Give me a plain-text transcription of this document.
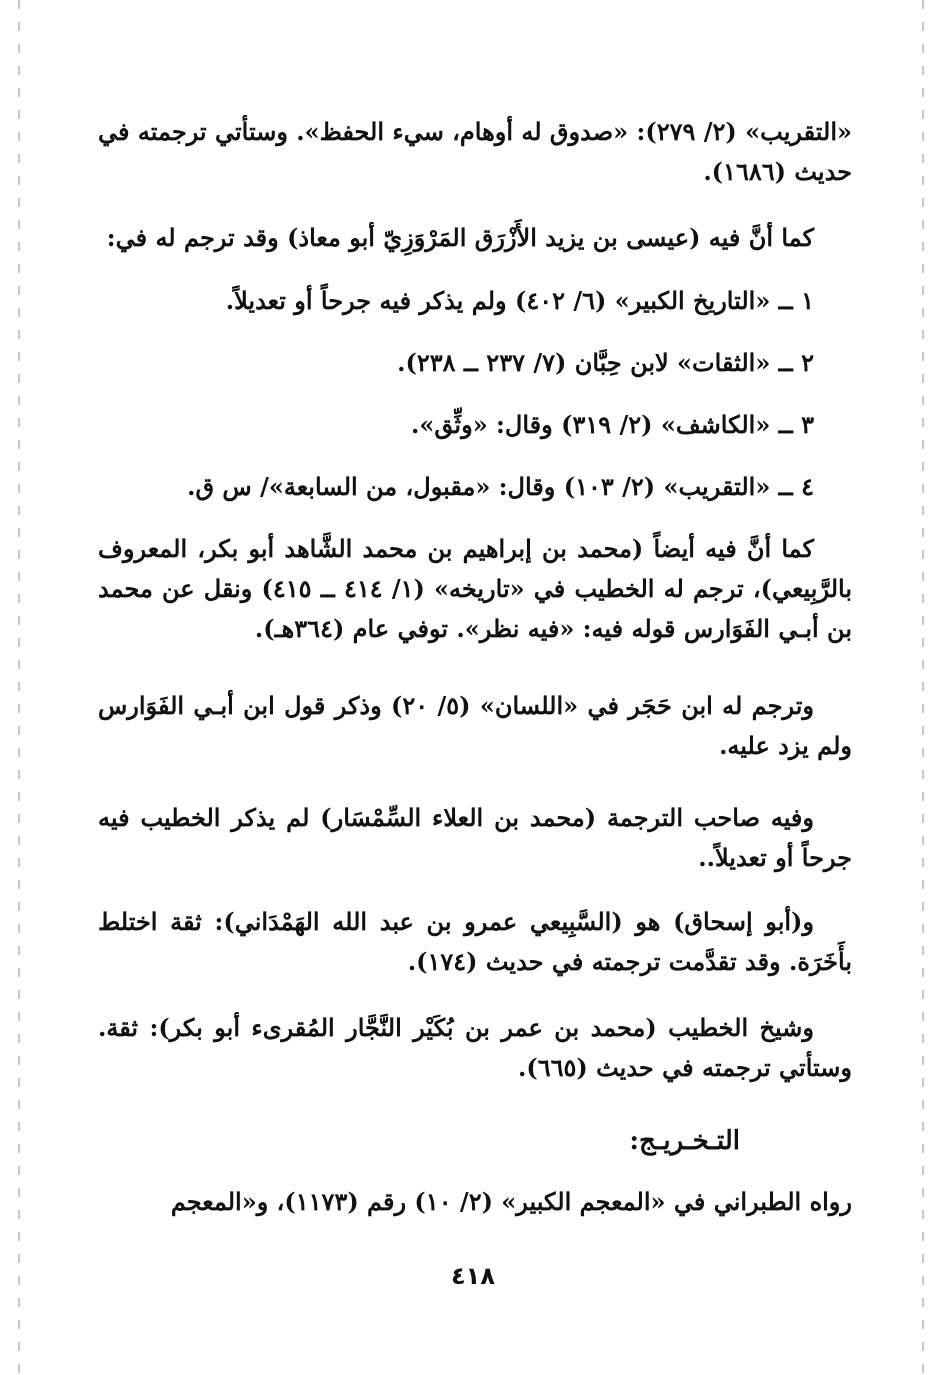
«التقريب» (٢/ ٢٧٩): «صدوق له أوهام، سيء الحفظ». وستأتي ترجمته في حديث (١٦٨٦).

كما أنَّ فيه (عيسى بن يزيد الأَزْرَق المَرْوَزِيّ أبو معاذ) وقد ترجم له في:

١ ــ «التاريخ الكبير» (٦/ ٤٠٢) ولم يذكر فيه جرحاً أو تعديلاً.

٢ ــ «الثقات» لابن حِبَّان (٧/ ٢٣٧ ــ ٢٣٨).

٣ ــ «الكاشف» (٢/ ٣١٩) وقال: «وثِّق».

٤ ــ «التقريب» (٢/ ١٠٣) وقال: «مقبول، من السابعة»/ س ق.

كما أنَّ فيه أيضاً (محمد بن إبراهيم بن محمد الشَّاهد أبو بكر، المعروف بالرَّبِيعي)، ترجم له الخطيب في «تاريخه» (١/ ٤١٤ ــ ٤١٥) ونقل عن محمد بن أبـي الفَوَارس قوله فيه: «فيه نظر». توفي عام (٣٦٤هـ).

وترجم له ابن حَجَر في «اللسان» (٥/ ٢٠) وذكر قول ابن أبـي الفَوَارس ولم يزد عليه.

وفيه صاحب الترجمة (محمد بن العلاء السِّمْسَار) لم يذكر الخطيب فيه جرحاً أو تعديلاً..

و(أبو إسحاق) هو (السَّبِيعي عمرو بن عبد الله الهَمْدَاني): ثقة اختلط بأَخَرَة. وقد تقدَّمت ترجمته في حديث (١٧٤).

وشيخ الخطيب (محمد بن عمر بن بُكَيْر النَّجَّار المُقرىء أبو بكر): ثقة. وستأتي ترجمته في حديث (٦٦٥).

التـخـريـج:

رواه الطبراني في «المعجم الكبير» (٢/ ١٠) رقم (١١٧٣)، و«المعجم

٤١٨
